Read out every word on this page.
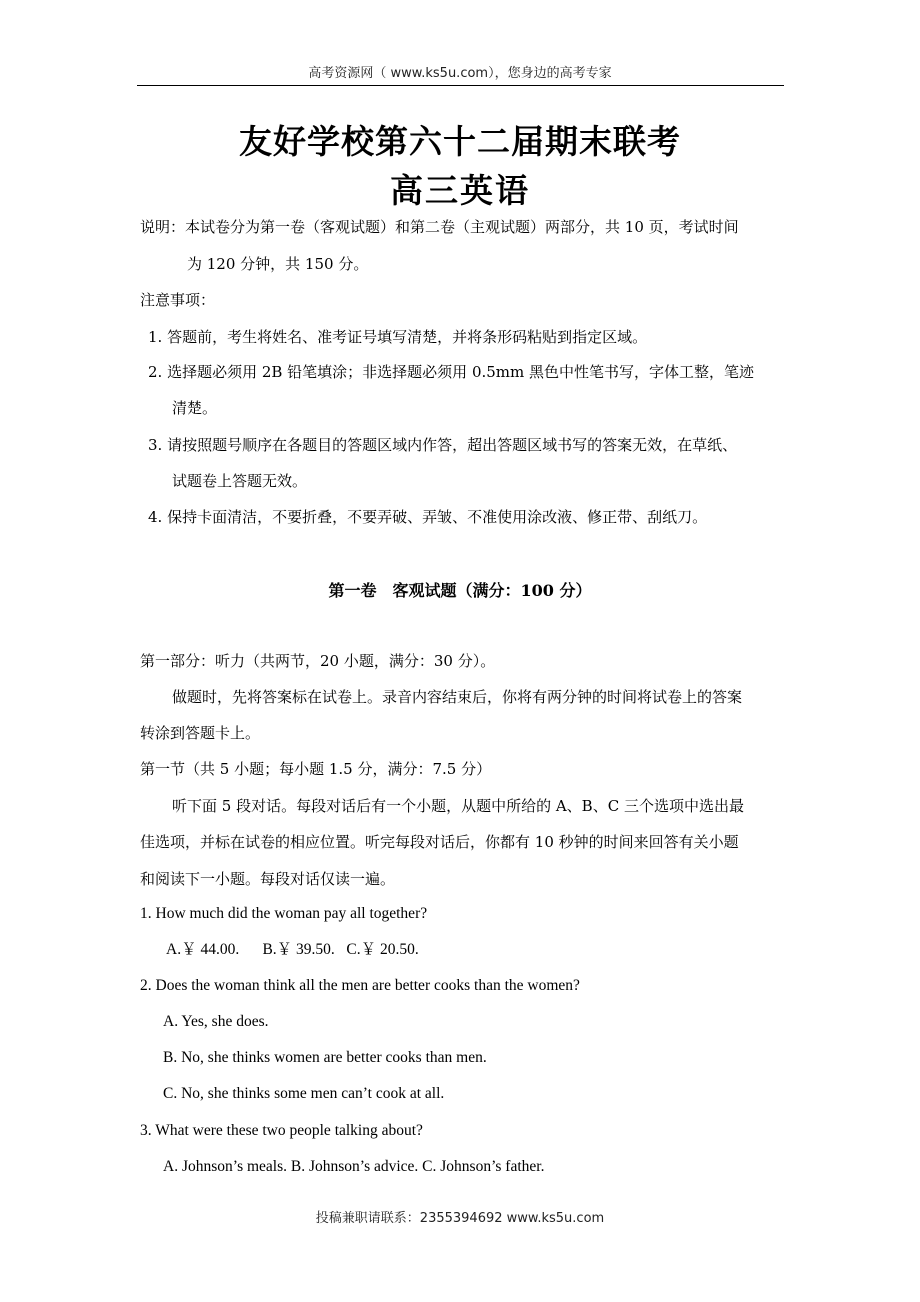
高考资源网（ www.ks5u.com），您身边的高考专家
友好学校第六十二届期末联考
高三英语
说明：本试卷分为第一卷（客观试题）和第二卷（主观试题）两部分，共 10 页，考试时间
为 120 分钟，共 150 分。
注意事项：
1. 答题前，考生将姓名、准考证号填写清楚，并将条形码粘贴到指定区域。
2. 选择题必须用 2B 铅笔填涂；非选择题必须用 0.5mm 黑色中性笔书写，字体工整，笔迹
清楚。
3. 请按照题号顺序在各题目的答题区域内作答，超出答题区域书写的答案无效，在草纸、
试题卷上答题无效。
4. 保持卡面清洁，不要折叠，不要弄破、弄皱、不准使用涂改液、修正带、刮纸刀。
第一卷　客观试题（满分：100 分）
第一部分：听力（共两节，20 小题，满分：30 分）。
做题时，先将答案标在试卷上。录音内容结束后，你将有两分钟的时间将试卷上的答案
转涂到答题卡上。
第一节（共 5 小题；每小题 1.5 分，满分：7.5 分）
听下面 5 段对话。每段对话后有一个小题，从题中所给的 A、B、C 三个选项中选出最
佳选项，并标在试卷的相应位置。听完每段对话后，你都有 10 秒钟的时间来回答有关小题
和阅读下一小题。每段对话仅读一遍。
1. How much did the woman pay all together?
A.￥ 44.00.      B.￥ 39.50.   C.￥ 20.50.
2. Does the woman think all the men are better cooks than the women?
A. Yes, she does.
B. No, she thinks women are better cooks than men.
C. No, she thinks some men can’t cook at all.
3. What were these two people talking about?
A. Johnson’s meals. B. Johnson’s advice. C. Johnson’s father.
投稿兼职请联系：2355394692 www.ks5u.com
